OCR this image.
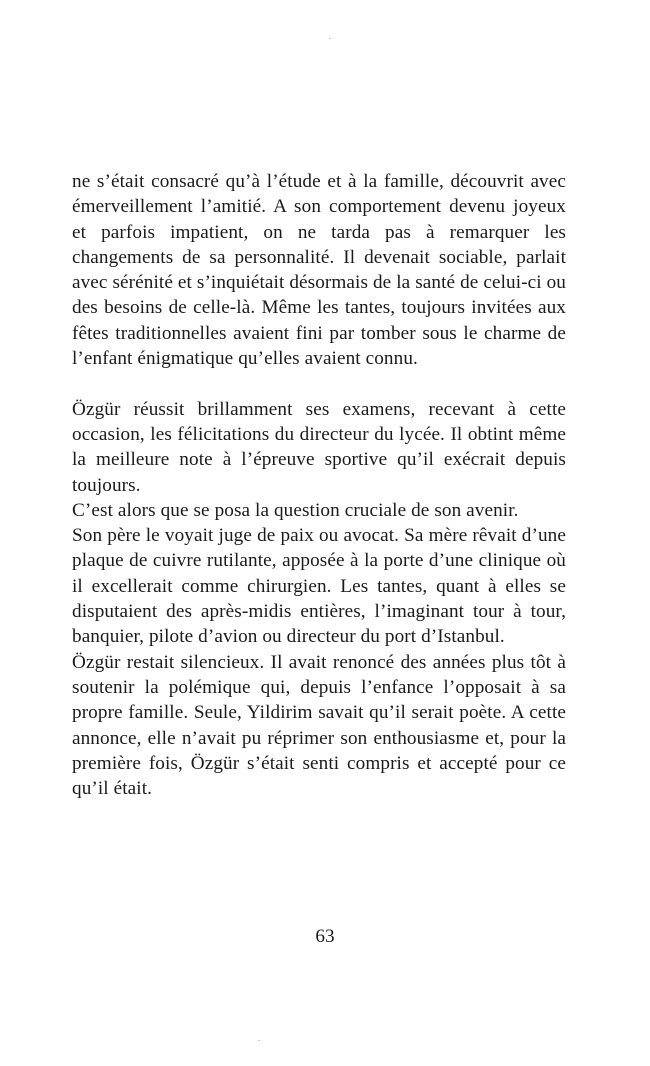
ne s’était consacré qu’à l’étude et à la famille, découvrit avec émerveillement l’amitié. A son comportement devenu joyeux et parfois impatient, on ne tarda pas à remarquer les changements de sa personnalité. Il devenait sociable, parlait avec sérénité et s’inquiétait désormais de la santé de celui-ci ou des besoins de celle-là. Même les tantes, toujours invitées aux fêtes traditionnelles avaient fini par tomber sous le charme de l’enfant énigmatique qu’elles avaient connu.

Özgür réussit brillamment ses examens, recevant à cette occasion, les félicitations du directeur du lycée. Il obtint même la meilleure note à l’épreuve sportive qu’il exécrait depuis toujours.

C’est alors que se posa la question cruciale de son avenir.

Son père le voyait juge de paix ou avocat. Sa mère rêvait d’une plaque de cuivre rutilante, apposée à la porte d’une clinique où il excellerait comme chirurgien. Les tantes, quant à elles se disputaient des après-midis entières, l’imaginant tour à tour, banquier, pilote d’avion ou directeur du port d’Istanbul.

Özgür restait silencieux. Il avait renoncé des années plus tôt à soutenir la polémique qui, depuis l’enfance l’opposait à sa propre famille. Seule, Yildirim savait qu’il serait poète. A cette annonce, elle n’avait pu réprimer son enthousiasme et, pour la première fois, Özgür s’était senti compris et accepté pour ce qu’il était.

63
